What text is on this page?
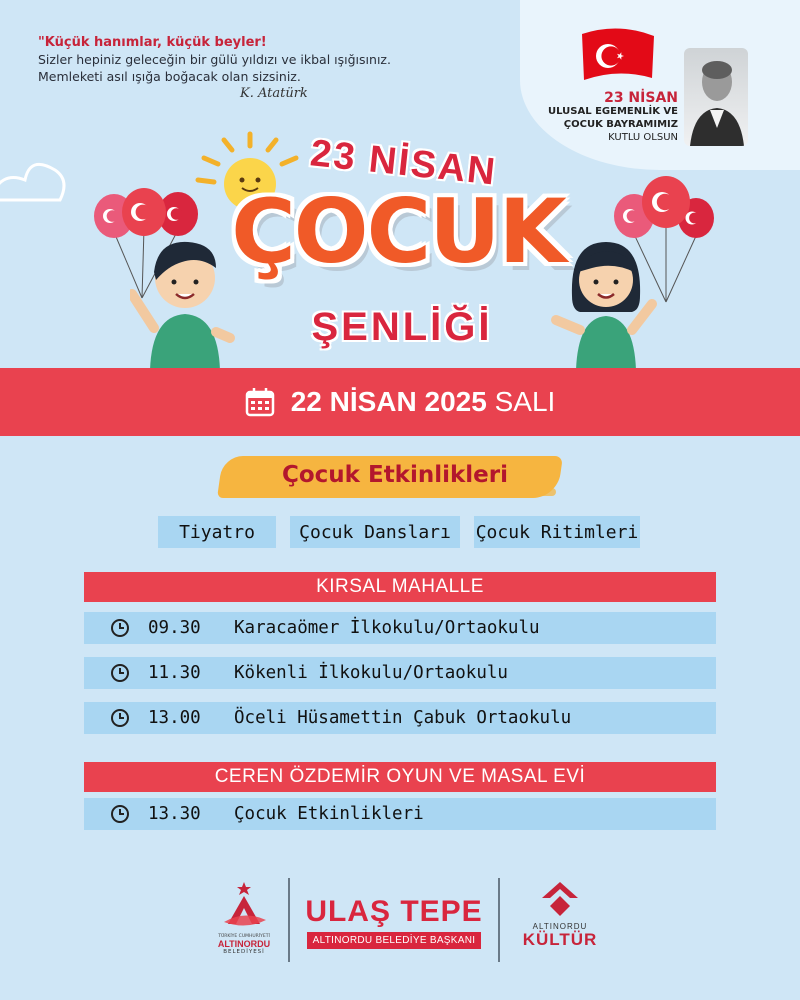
"Küçük hanımlar, küçük beyler!
Sizler hepiniz geleceğin bir gülü yıldızı ve ikbal ışığısınız.
Memleketi asıl ışığa boğacak olan sizsiniz.
K. Atatürk	23 NİSAN
ULUSAL EGEMENLİK VE
ÇOCUK BAYRAMIMIZ
KUTLU OLSUN
23 NİSAN
ÇOCUK
ŞENLİĞİ
22 NİSAN 2025 SALI
Çocuk Etkinlikleri
Tiyatro	Çocuk Dansları	Çocuk Ritimleri
KIRSAL MAHALLE
09.30	Karacaömer İlkokulu/Ortaokulu
11.30	Kökenli İlkokulu/Ortaokulu
13.00	Öceli Hüsamettin Çabuk Ortaokulu
CEREN ÖZDEMİR OYUN VE MASAL EVİ
13.30	Çocuk Etkinlikleri
TÜRKİYE CUMHURİYETİ
ALTINORDU
BELEDİYESİ
ULAŞ TEPE
ALTINORDU BELEDİYE BAŞKANI
ALTINORDU
KÜLTÜR
